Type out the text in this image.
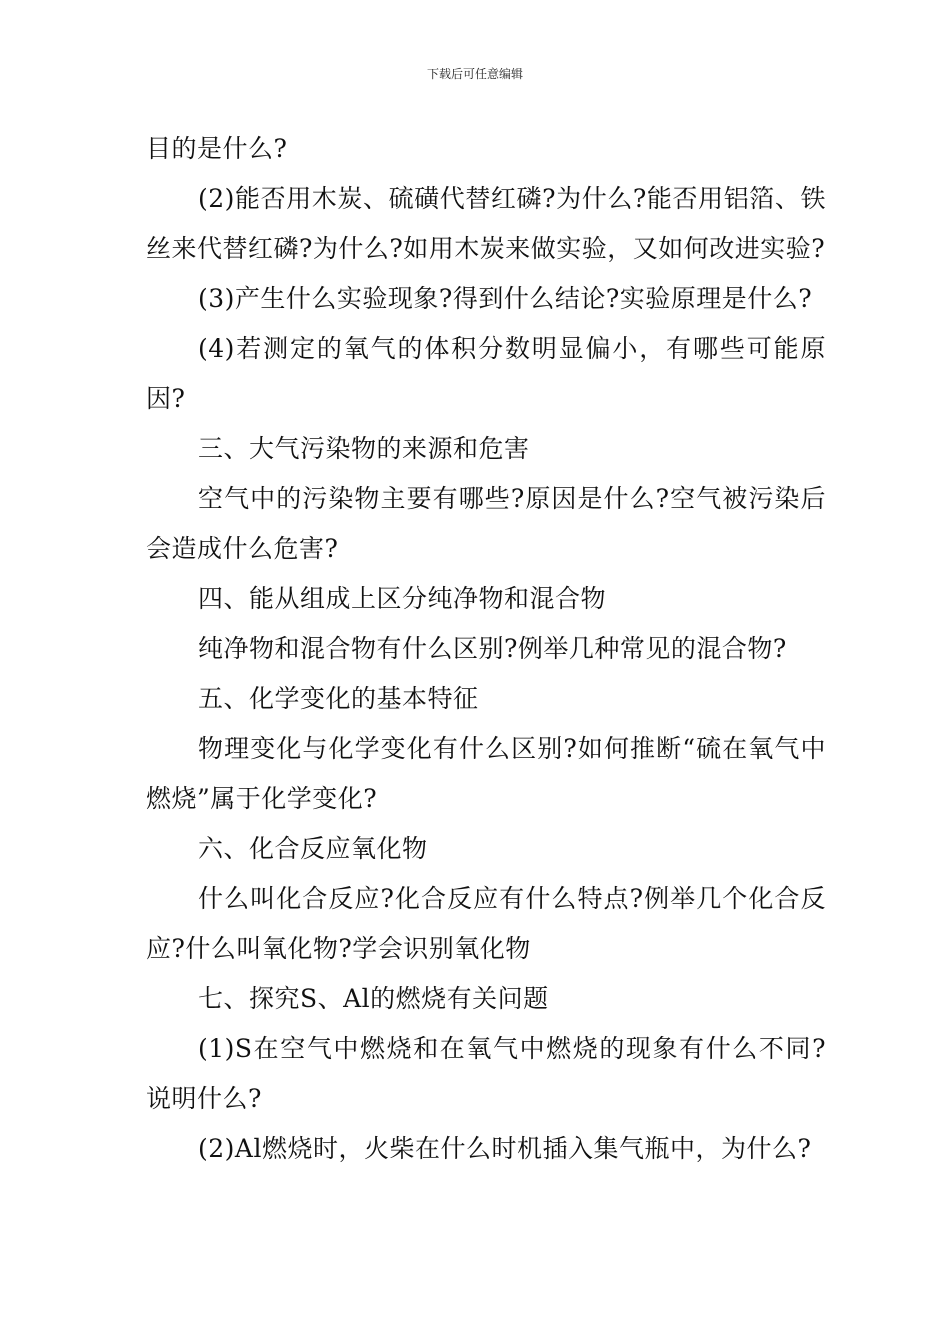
下载后可任意编辑

目的是什么?

(2)能否用木炭、硫磺代替红磷?为什么?能否用铝箔、铁丝来代替红磷?为什么?如用木炭来做实验，又如何改进实验?

(3)产生什么实验现象?得到什么结论?实验原理是什么?

(4)若测定的氧气的体积分数明显偏小，有哪些可能原因?

三、大气污染物的来源和危害

空气中的污染物主要有哪些?原因是什么?空气被污染后会造成什么危害?

四、能从组成上区分纯净物和混合物

纯净物和混合物有什么区别?例举几种常见的混合物?

五、化学变化的基本特征

物理变化与化学变化有什么区别?如何推断“硫在氧气中燃烧”属于化学变化?

六、化合反应氧化物

什么叫化合反应?化合反应有什么特点?例举几个化合反应?什么叫氧化物?学会识别氧化物

七、探究S、Al的燃烧有关问题

(1)S在空气中燃烧和在氧气中燃烧的现象有什么不同?说明什么?

(2)Al燃烧时，火柴在什么时机插入集气瓶中，为什么?
